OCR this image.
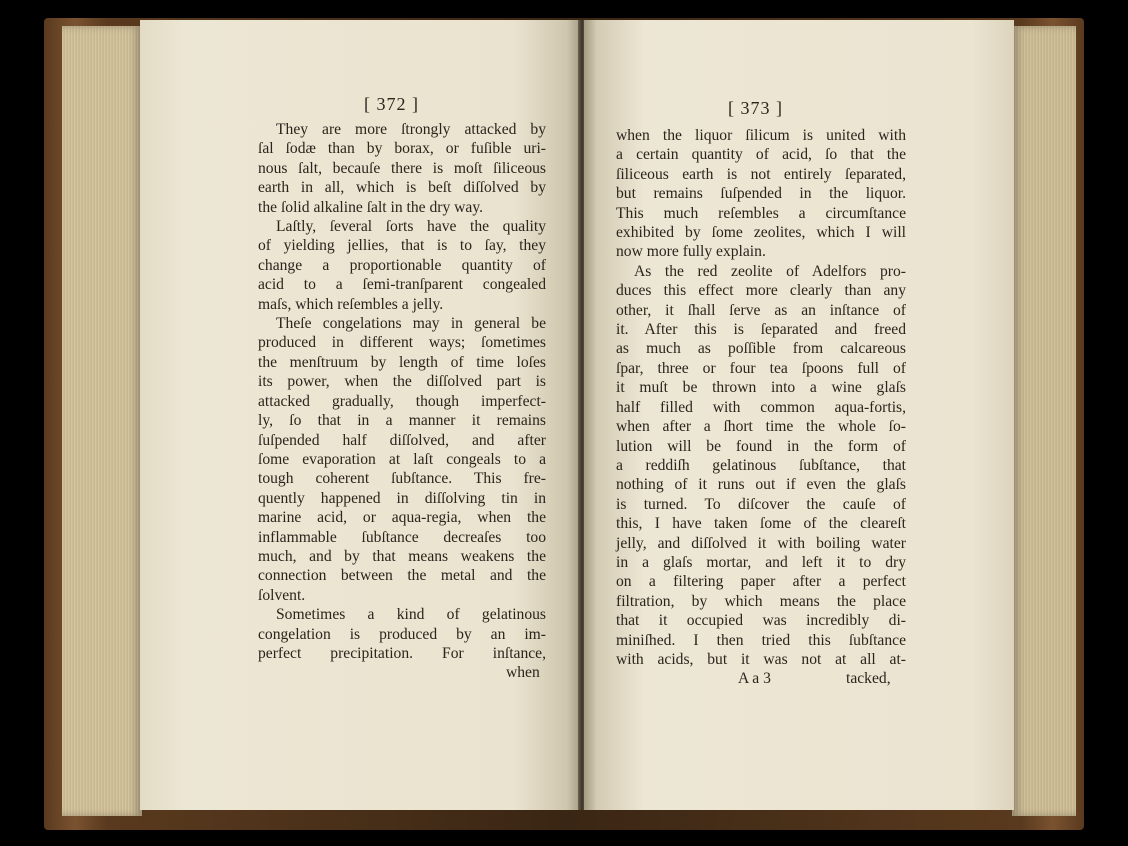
[ 372 ]
They are more ſtrongly attacked by
ſal ſodæ than by borax, or fuſible uri-
nous ſalt, becauſe there is moſt ſiliceous
earth in all, which is beſt diſſolved by
the ſolid alkaline ſalt in the dry way.
Laſtly, ſeveral ſorts have the quality
of yielding jellies, that is to ſay, they
change a proportionable quantity of
acid to a ſemi-tranſparent congealed
maſs, which reſembles a jelly.
Theſe congelations may in general be
produced in different ways; ſometimes
the menſtruum by length of time loſes
its power, when the diſſolved part is
attacked gradually, though imperfect-
ly, ſo that in a manner it remains
ſuſpended half diſſolved, and after
ſome evaporation at laſt congeals to a
tough coherent ſubſtance. This fre-
quently happened in diſſolving tin in
marine acid, or aqua-regia, when the
inflammable ſubſtance decreaſes too
much, and by that means weakens the
connection between the metal and the
ſolvent.
Sometimes a kind of gelatinous
congelation is produced by an im-
perfect precipitation. For inſtance,
when
[ 373 ]
when the liquor ſilicum is united with
a certain quantity of acid, ſo that the
ſiliceous earth is not entirely ſeparated,
but remains ſuſpended in the liquor.
This much reſembles a circumſtance
exhibited by ſome zeolites, which I will
now more fully explain.
As the red zeolite of Adelfors pro-
duces this effect more clearly than any
other, it ſhall ſerve as an inſtance of
it. After this is ſeparated and freed
as much as poſſible from calcareous
ſpar, three or four tea ſpoons full of
it muſt be thrown into a wine glaſs
half filled with common aqua-fortis,
when after a ſhort time the whole ſo-
lution will be found in the form of
a reddiſh gelatinous ſubſtance, that
nothing of it runs out if even the glaſs
is turned. To diſcover the cauſe of
this, I have taken ſome of the cleareſt
jelly, and diſſolved it with boiling water
in a glaſs mortar, and left it to dry
on a filtering paper after a perfect
filtration, by which means the place
that it occupied was incredibly di-
miniſhed. I then tried this ſubſtance
with acids, but it was not at all at-
A a 3	tacked,
